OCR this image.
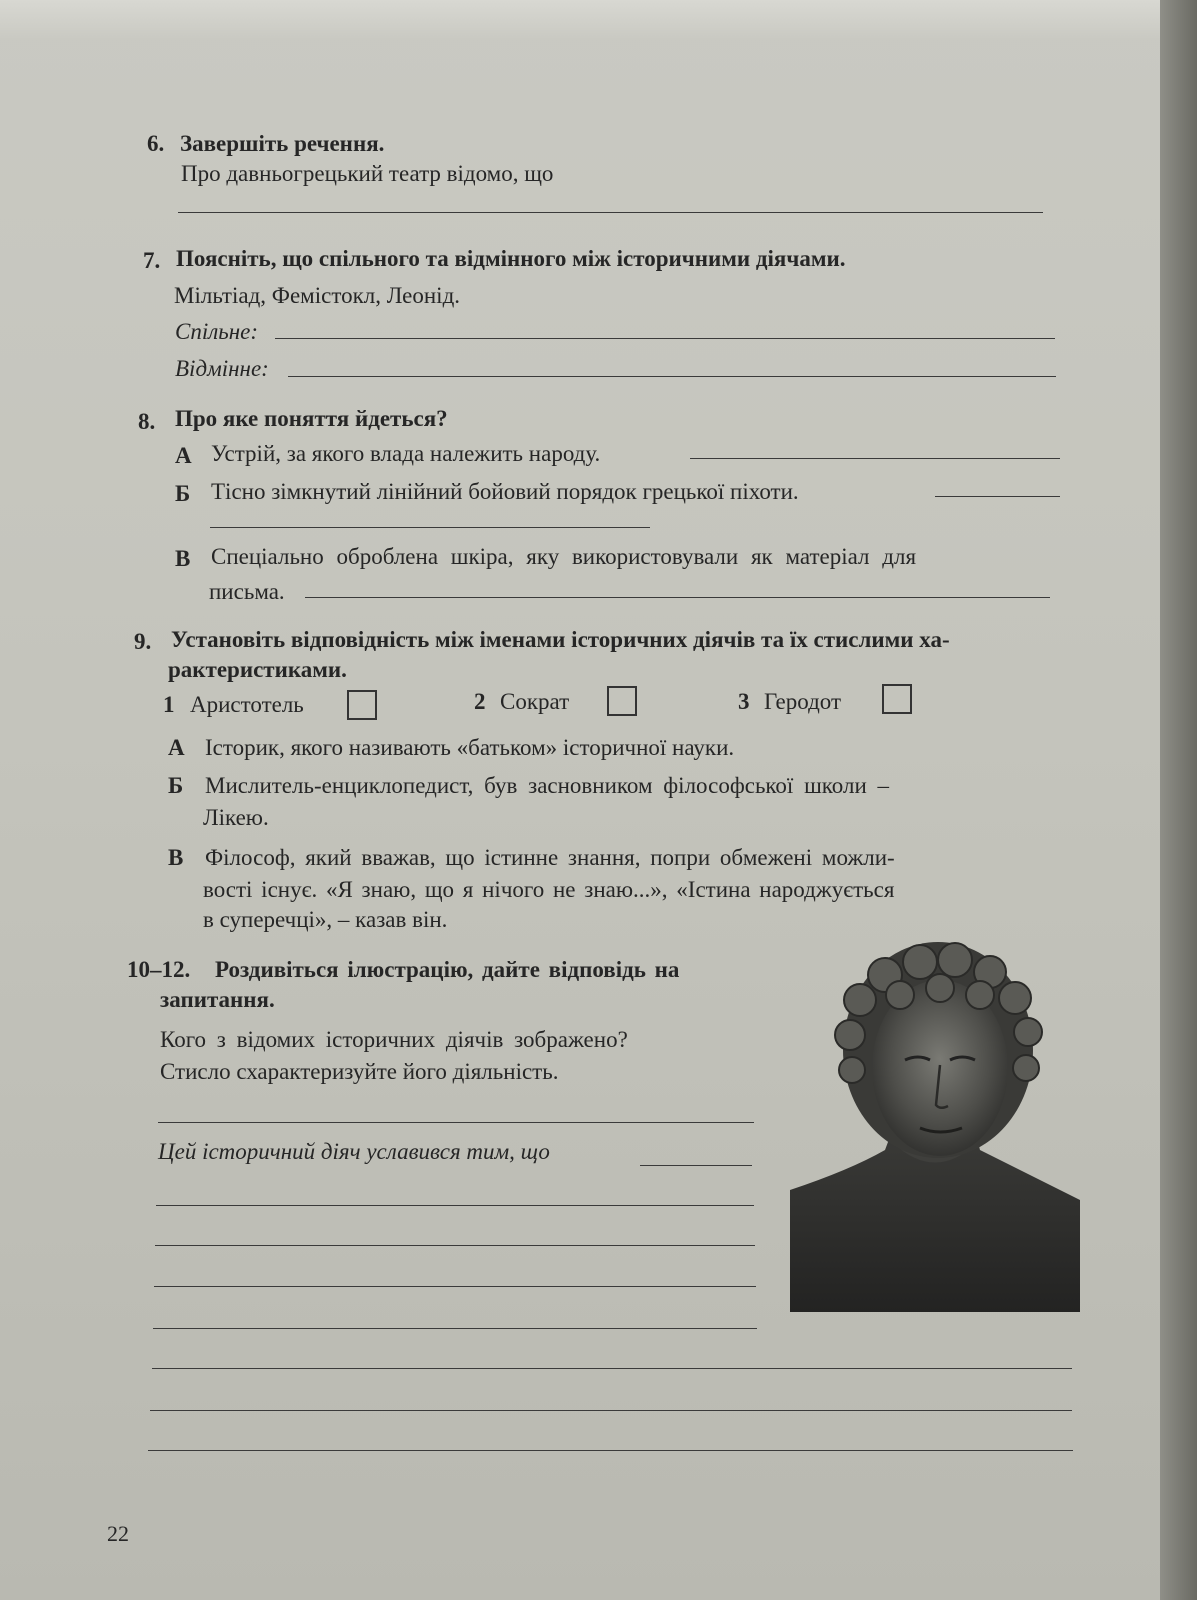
6. Завершіть речення.
Про давньогрецький театр відомо, що
7. Поясніть, що спільного та відмінного між історичними діячами.
Мільтіад, Фемістокл, Леонід.
Спільне:
Відмінне:
8. Про яке поняття йдеться?
А Устрій, за якого влада належить народу.
Б Тісно зімкнутий лінійний бойовий порядок грецької піхоти.
В Спеціально оброблена шкіра, яку використовували як матеріал для
письма.
9. Установіть відповідність між іменами історичних діячів та їх стислими ха-
рактеристиками.
1 Аристотель	2 Сократ	3 Геродот
А Історик, якого називають «батьком» історичної науки.
Б Мислитель-енциклопедист, був засновником філософської школи –
Лікею.
В Філософ, який вважав, що істинне знання, попри обмежені можли-
вості існує. «Я знаю, що я нічого не знаю...», «Істина народжується
в суперечці», – казав він.
10–12. Роздивіться ілюстрацію, дайте відповідь на
запитання.
Кого з відомих історичних діячів зображено?
Стисло схарактеризуйте його діяльність.
Цей історичний діяч уславився тим, що
22
